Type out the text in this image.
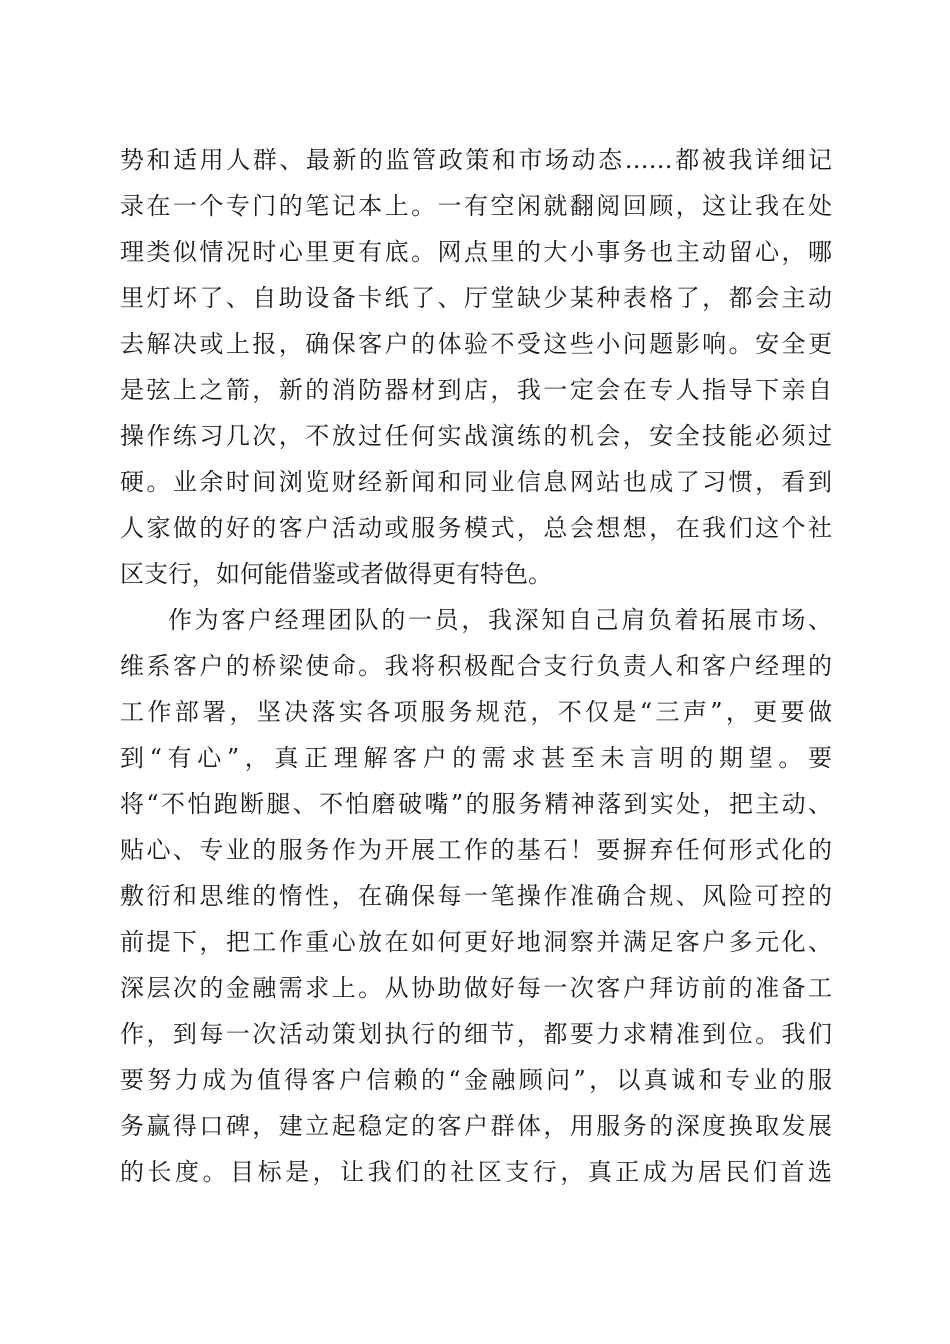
势和适用人群、最新的监管政策和市场动态……都被我详细记
录在一个专门的笔记本上。一有空闲就翻阅回顾，这让我在处
理类似情况时心里更有底。网点里的大小事务也主动留心，哪
里灯坏了、自助设备卡纸了、厅堂缺少某种表格了，都会主动
去解决或上报，确保客户的体验不受这些小问题影响。安全更
是弦上之箭，新的消防器材到店，我一定会在专人指导下亲自
操作练习几次，不放过任何实战演练的机会，安全技能必须过
硬。业余时间浏览财经新闻和同业信息网站也成了习惯，看到
人家做的好的客户活动或服务模式，总会想想，在我们这个社
区支行，如何能借鉴或者做得更有特色。
作为客户经理团队的一员，我深知自己肩负着拓展市场、
维系客户的桥梁使命。我将积极配合支行负责人和客户经理的
工作部署，坚决落实各项服务规范，不仅是“三声”，更要做
到“有心”，真正理解客户的需求甚至未言明的期望。要
将“不怕跑断腿、不怕磨破嘴”的服务精神落到实处，把主动、
贴心、专业的服务作为开展工作的基石！要摒弃任何形式化的
敷衍和思维的惰性，在确保每一笔操作准确合规、风险可控的
前提下，把工作重心放在如何更好地洞察并满足客户多元化、
深层次的金融需求上。从协助做好每一次客户拜访前的准备工
作，到每一次活动策划执行的细节，都要力求精准到位。我们
要努力成为值得客户信赖的“金融顾问”，以真诚和专业的服
务赢得口碑，建立起稳定的客户群体，用服务的深度换取发展
的长度。目标是，让我们的社区支行，真正成为居民们首选
